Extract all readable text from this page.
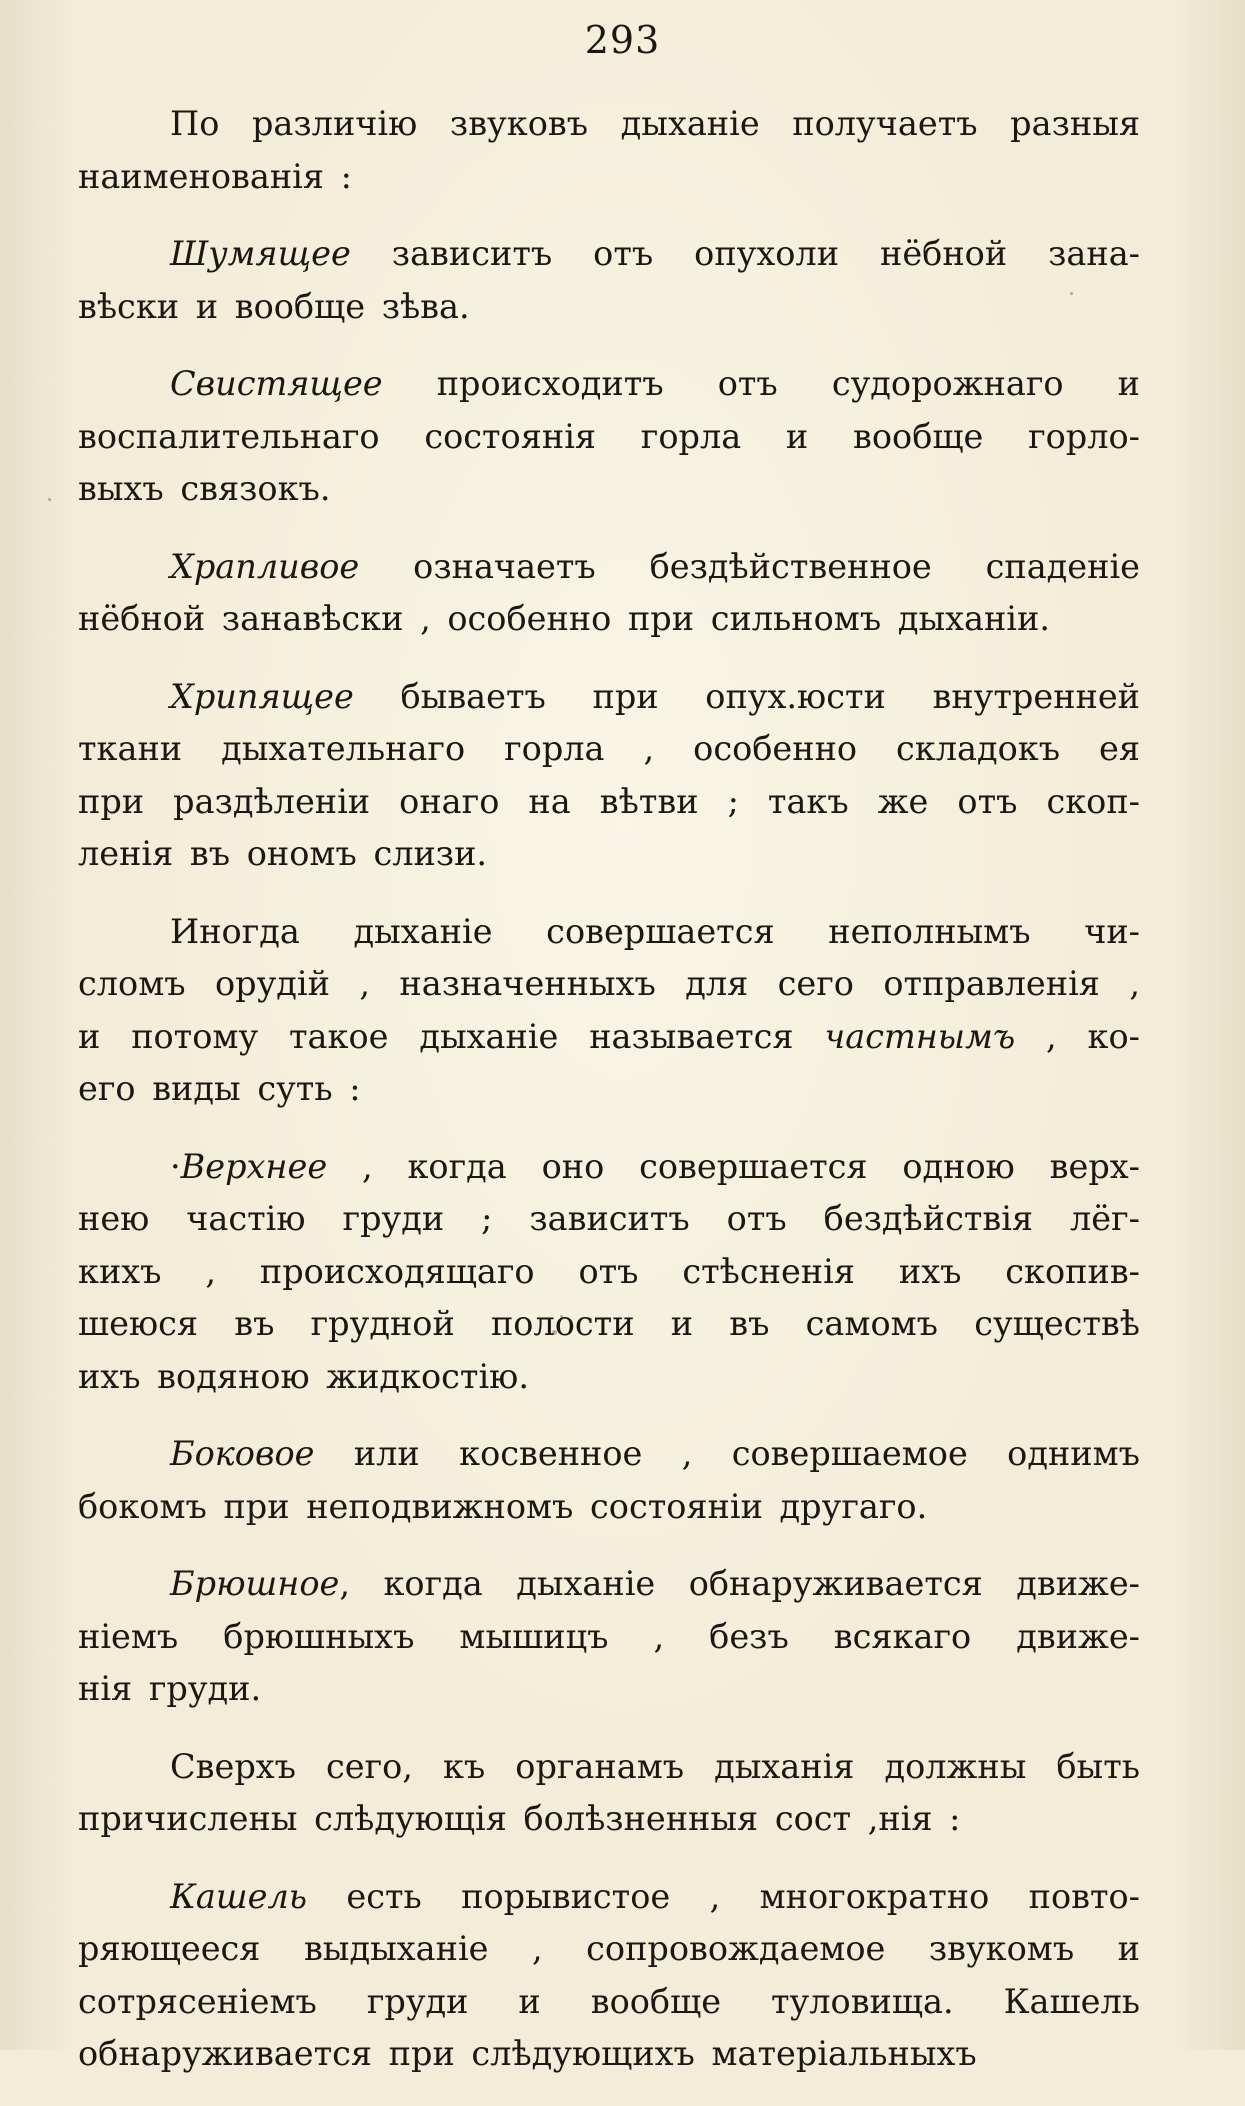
293

По различію звуковъ дыханіе получаетъ разныя
наименованія :

Шумящее зависитъ отъ опухоли нёбной зана-
вѣски и вообще зѣва.

Свистящее происходитъ отъ судорожнаго и
воспалительнаго состоянія горла и вообще горло-
выхъ связокъ.

Храпливое означаетъ бездѣйственное спаденіе
нёбной занавѣски , особенно при сильномъ дыханіи.

Хрипящее бываетъ при опух.юсти внутренней
ткани дыхательнаго горла , особенно складокъ ея
при раздѣленіи онаго на вѣтви ; такъ же отъ скоп-
ленія въ ономъ слизи.

Иногда дыханіе совершается неполнымъ чи-
сломъ орудій , назначенныхъ для сего отправленія ,
и потому такое дыханіе называется частнымъ , ко-
его виды суть :

·Верхнее , когда оно совершается одною верх-
нею частію груди ; зависитъ отъ бездѣйствія лёг-
кихъ , происходящаго отъ стѣсненія ихъ скопив-
шеюся въ грудной полости и въ самомъ существѣ
ихъ водяною жидкостію.

Боковое или косвенное , совершаемое однимъ
бокомъ при неподвижномъ состояніи другаго.

Брюшное, когда дыханіе обнаруживается движе-
ніемъ брюшныхъ мышицъ , безъ всякаго движе-
нія груди.

Сверхъ сего, къ органамъ дыханія должны быть
причислены слѣдующія болѣзненныя сост ,нія :

Кашель есть порывистое , многократно повто-
ряющееся выдыханіе , сопровождаемое звукомъ и
сотрясеніемъ груди и вообще туловища. Кашель
обнаруживается при слѣдующихъ матеріальныхъ
